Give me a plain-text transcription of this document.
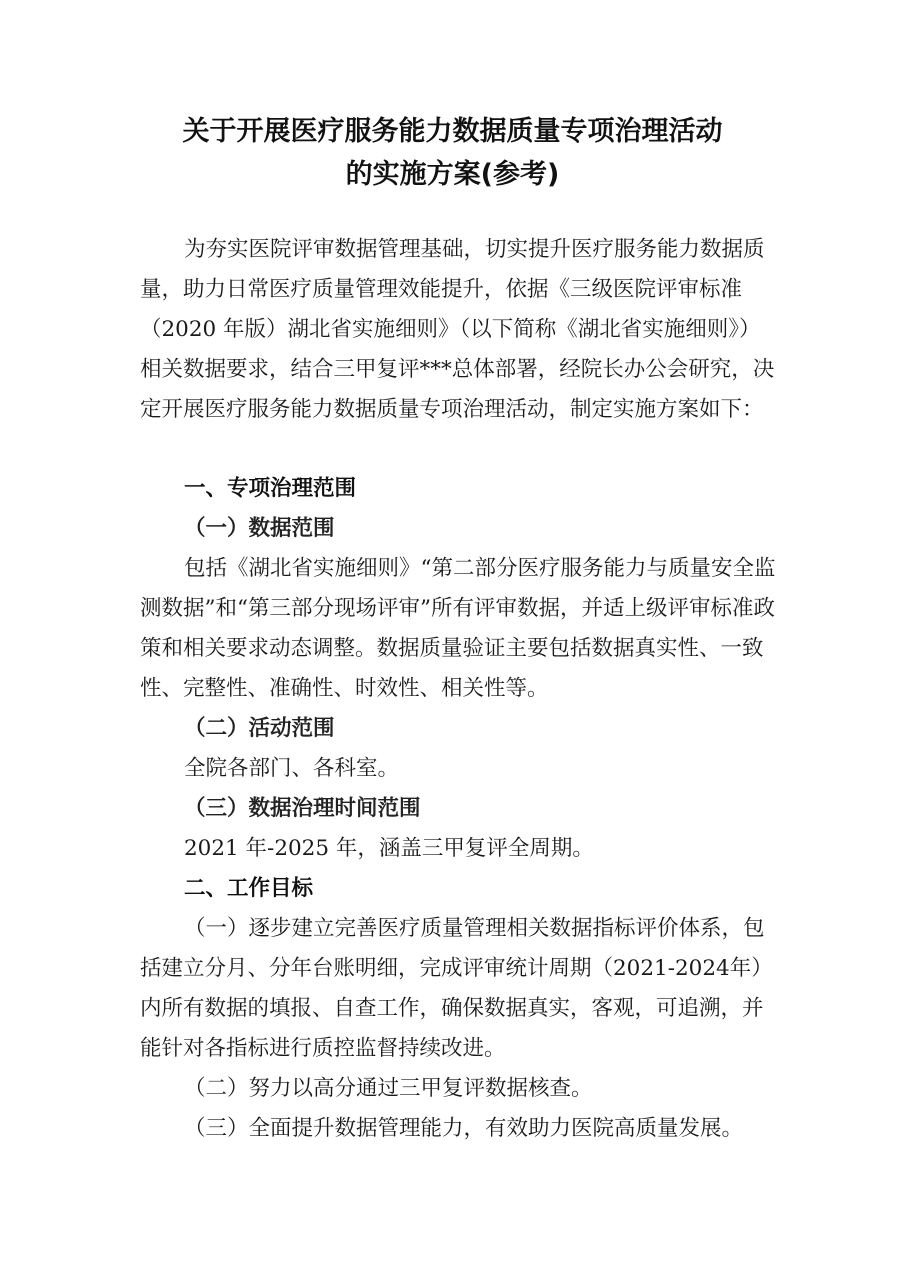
关于开展医疗服务能力数据质量专项治理活动
的实施方案(参考)
为夯实医院评审数据管理基础，切实提升医疗服务能力数据质量，助力日常医疗质量管理效能提升，依据《三级医院评审标准（2020 年版）湖北省实施细则》（以下简称《湖北省实施细则》）相关数据要求，结合三甲复评***总体部署，经院长办公会研究，决定开展医疗服务能力数据质量专项治理活动，制定实施方案如下：
一、专项治理范围
（一）数据范围
包括《湖北省实施细则》“第二部分医疗服务能力与质量安全监测数据”和“第三部分现场评审”所有评审数据，并适上级评审标准政策和相关要求动态调整。数据质量验证主要包括数据真实性、一致性、完整性、准确性、时效性、相关性等。
（二）活动范围
全院各部门、各科室。
（三）数据治理时间范围
2021 年-2025 年，涵盖三甲复评全周期。
二、工作目标
（一）逐步建立完善医疗质量管理相关数据指标评价体系，包括建立分月、分年台账明细，完成评审统计周期（2021-2024年）内所有数据的填报、自查工作，确保数据真实，客观，可追溯，并能针对各指标进行质控监督持续改进。
（二）努力以高分通过三甲复评数据核查。
（三）全面提升数据管理能力，有效助力医院高质量发展。
